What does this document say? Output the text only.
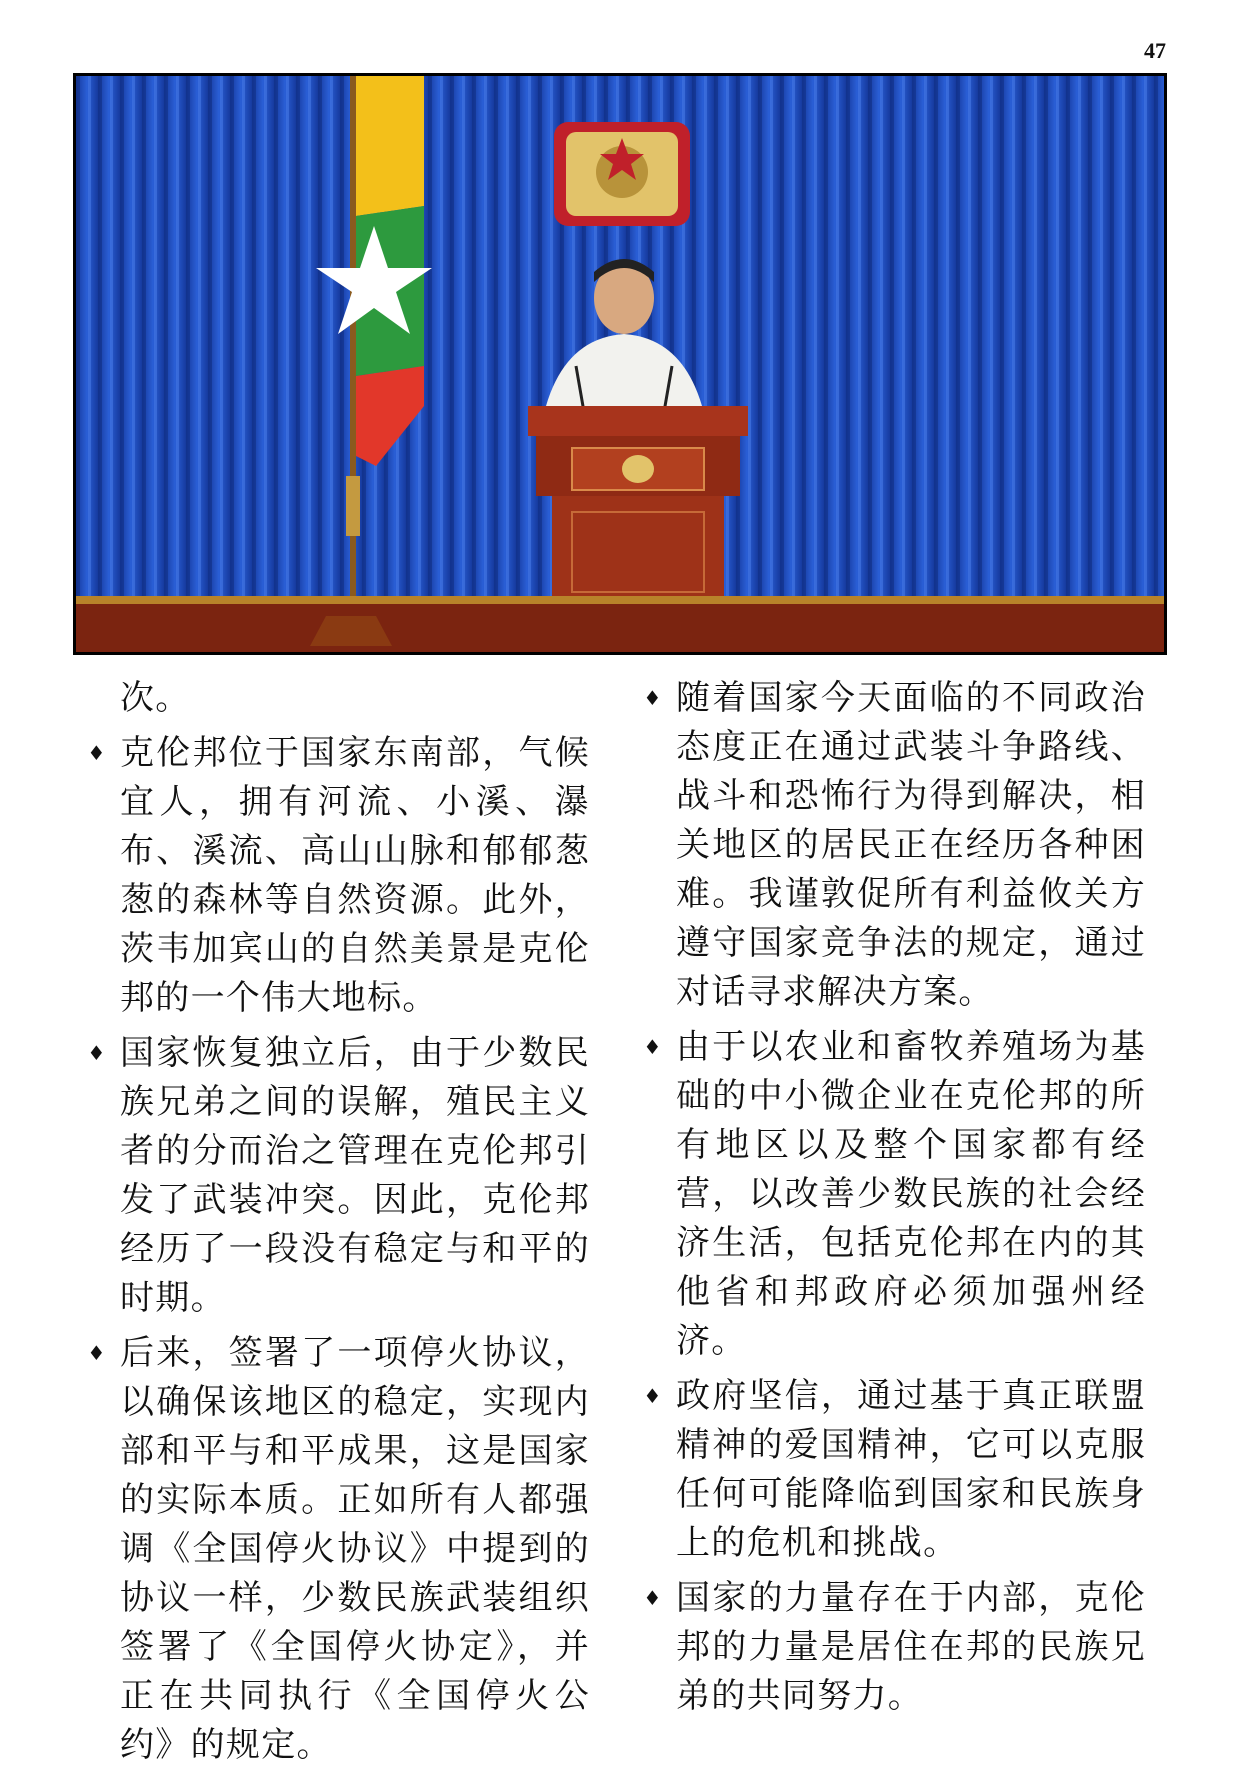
47

次。

♦ 克伦邦位于国家东南部，气候宜人，拥有河流、小溪、瀑布、溪流、高山山脉和郁郁葱葱的森林等自然资源。此外，茨韦加宾山的自然美景是克伦邦的一个伟大地标。

♦ 国家恢复独立后，由于少数民族兄弟之间的误解，殖民主义者的分而治之管理在克伦邦引发了武装冲突。因此，克伦邦经历了一段没有稳定与和平的时期。

♦ 后来，签署了一项停火协议，以确保该地区的稳定，实现内部和平与和平成果，这是国家的实际本质。正如所有人都强调《全国停火协议》中提到的协议一样，少数民族武装组织签署了《全国停火协定》，并正在共同执行《全国停火公约》的规定。

♦ 随着国家今天面临的不同政治态度正在通过武装斗争路线、战斗和恐怖行为得到解决，相关地区的居民正在经历各种困难。我谨敦促所有利益攸关方遵守国家竞争法的规定，通过对话寻求解决方案。

♦ 由于以农业和畜牧养殖场为基础的中小微企业在克伦邦的所有地区以及整个国家都有经营，以改善少数民族的社会经济生活，包括克伦邦在内的其他省和邦政府必须加强州经济。

♦ 政府坚信，通过基于真正联盟精神的爱国精神，它可以克服任何可能降临到国家和民族身上的危机和挑战。

♦ 国家的力量存在于内部，克伦邦的力量是居住在邦的民族兄弟的共同努力。
